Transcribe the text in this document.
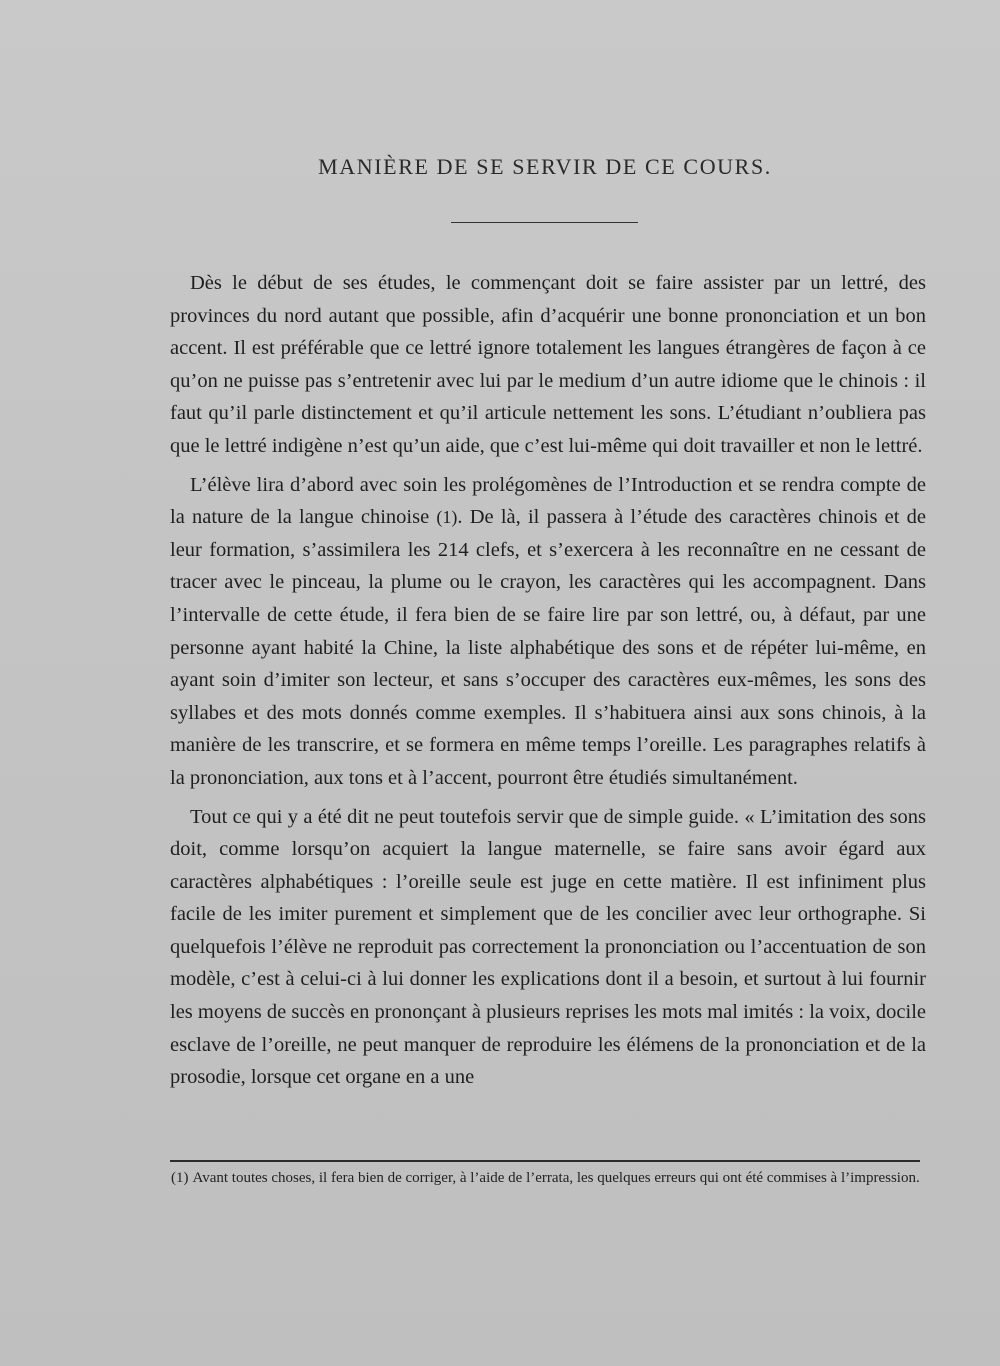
MANIÈRE DE SE SERVIR DE CE COURS.

Dès le début de ses études, le commençant doit se faire assister par un lettré, des provinces du nord autant que possible, afin d’acquérir une bonne prononciation et un bon accent. Il est préférable que ce lettré ignore totalement les langues étrangères de façon à ce qu’on ne puisse pas s’entretenir avec lui par le medium d’un autre idiome que le chinois : il faut qu’il parle distinctement et qu’il articule nettement les sons. L’étudiant n’oubliera pas que le lettré indigène n’est qu’un aide, que c’est lui-même qui doit travailler et non le lettré.

L’élève lira d’abord avec soin les prolégomènes de l’Introduction et se rendra compte de la nature de la langue chinoise (1). De là, il passera à l’étude des caractères chinois et de leur formation, s’assimilera les 214 clefs, et s’exercera à les reconnaître en ne cessant de tracer avec le pinceau, la plume ou le crayon, les caractères qui les accompagnent. Dans l’intervalle de cette étude, il fera bien de se faire lire par son lettré, ou, à défaut, par une personne ayant habité la Chine, la liste alphabétique des sons et de répéter lui-même, en ayant soin d’imiter son lecteur, et sans s’occuper des caractères eux-mêmes, les sons des syllabes et des mots donnés comme exemples. Il s’habituera ainsi aux sons chinois, à la manière de les transcrire, et se formera en même temps l’oreille. Les paragraphes relatifs à la prononciation, aux tons et à l’accent, pourront être étudiés simultanément.

Tout ce qui y a été dit ne peut toutefois servir que de simple guide. « L’imitation des sons doit, comme lorsqu’on acquiert la langue maternelle, se faire sans avoir égard aux caractères alphabétiques : l’oreille seule est juge en cette matière. Il est infiniment plus facile de les imiter purement et simplement que de les concilier avec leur orthographe. Si quelquefois l’élève ne reproduit pas correctement la prononciation ou l’accentuation de son modèle, c’est à celui-ci à lui donner les explications dont il a besoin, et surtout à lui fournir les moyens de succès en prononçant à plusieurs reprises les mots mal imités : la voix, docile esclave de l’oreille, ne peut manquer de reproduire les élémens de la prononciation et de la prosodie, lorsque cet organe en a une

(1) Avant toutes choses, il fera bien de corriger, à l’aide de l’errata, les quelques erreurs qui ont été commises à l’impression.
